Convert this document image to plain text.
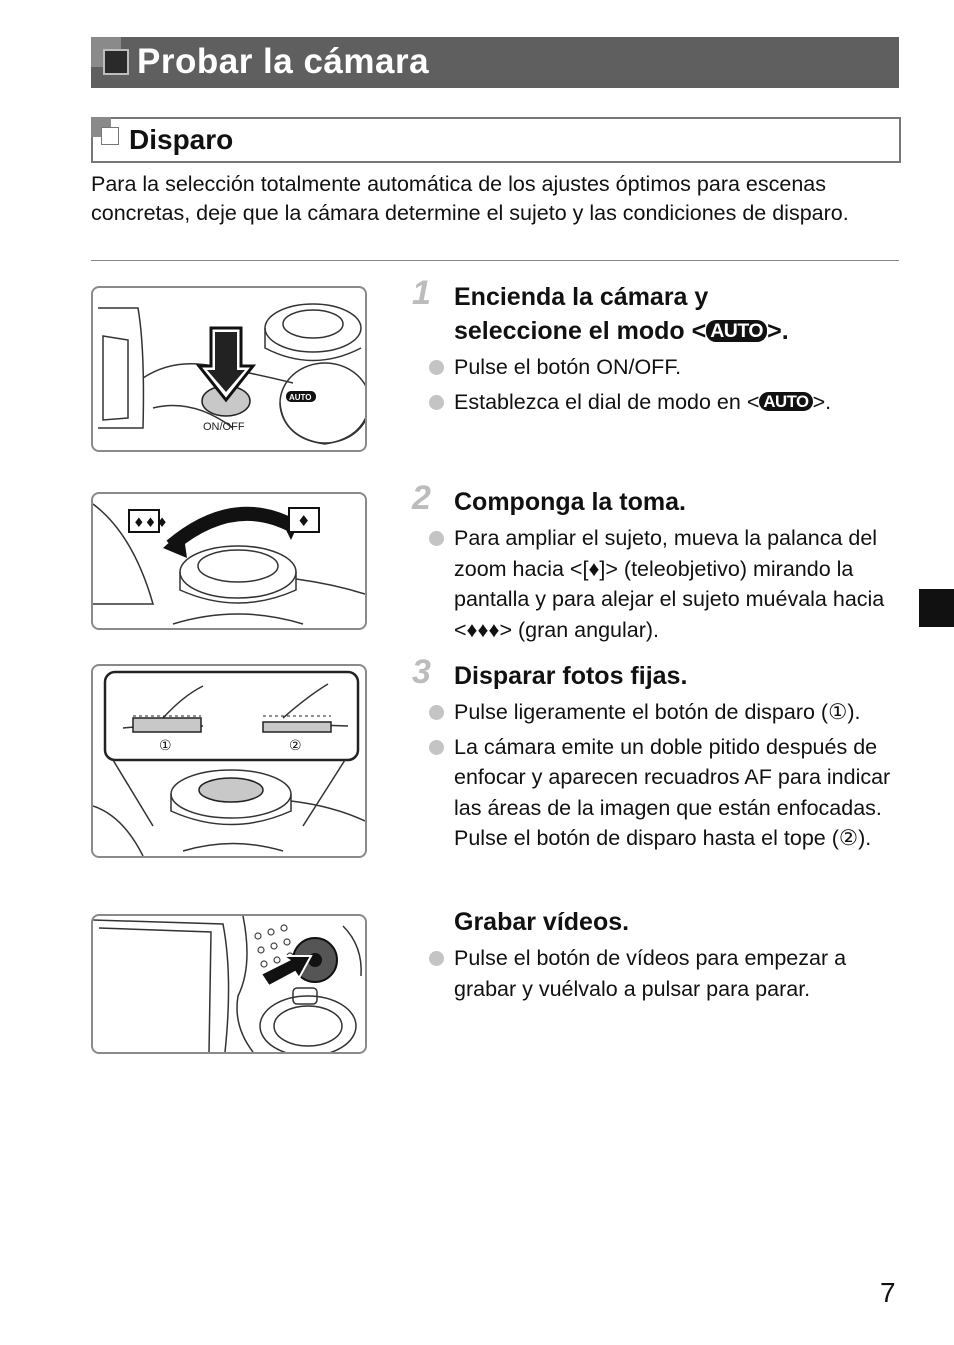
Probar la cámara
Disparo

Para la selección totalmente automática de los ajustes óptimos para escenas concretas, deje que la cámara determine el sujeto y las condiciones de disparo.

AUTO
ON/OFF
1 Encienda la cámara y
seleccione el modo < AUTO >.
Pulse el botón ON/OFF.
Establezca el dial de modo en < AUTO >.
♦♦♦	♦
2 Componga la toma.
Para ampliar el sujeto, mueva la palanca del zoom hacia <[♦]> (teleobjetivo) mirando la pantalla y para alejar el sujeto muévala hacia <♦♦♦> (gran angular).
①	②
3 Disparar fotos fijas.
Pulse ligeramente el botón de disparo (①).
La cámara emite un doble pitido después de enfocar y aparecen recuadros AF para indicar las áreas de la imagen que están enfocadas. Pulse el botón de disparo hasta el tope (②).
Grabar vídeos.
Pulse el botón de vídeos para empezar a grabar y vuélvalo a pulsar para parar.
7
